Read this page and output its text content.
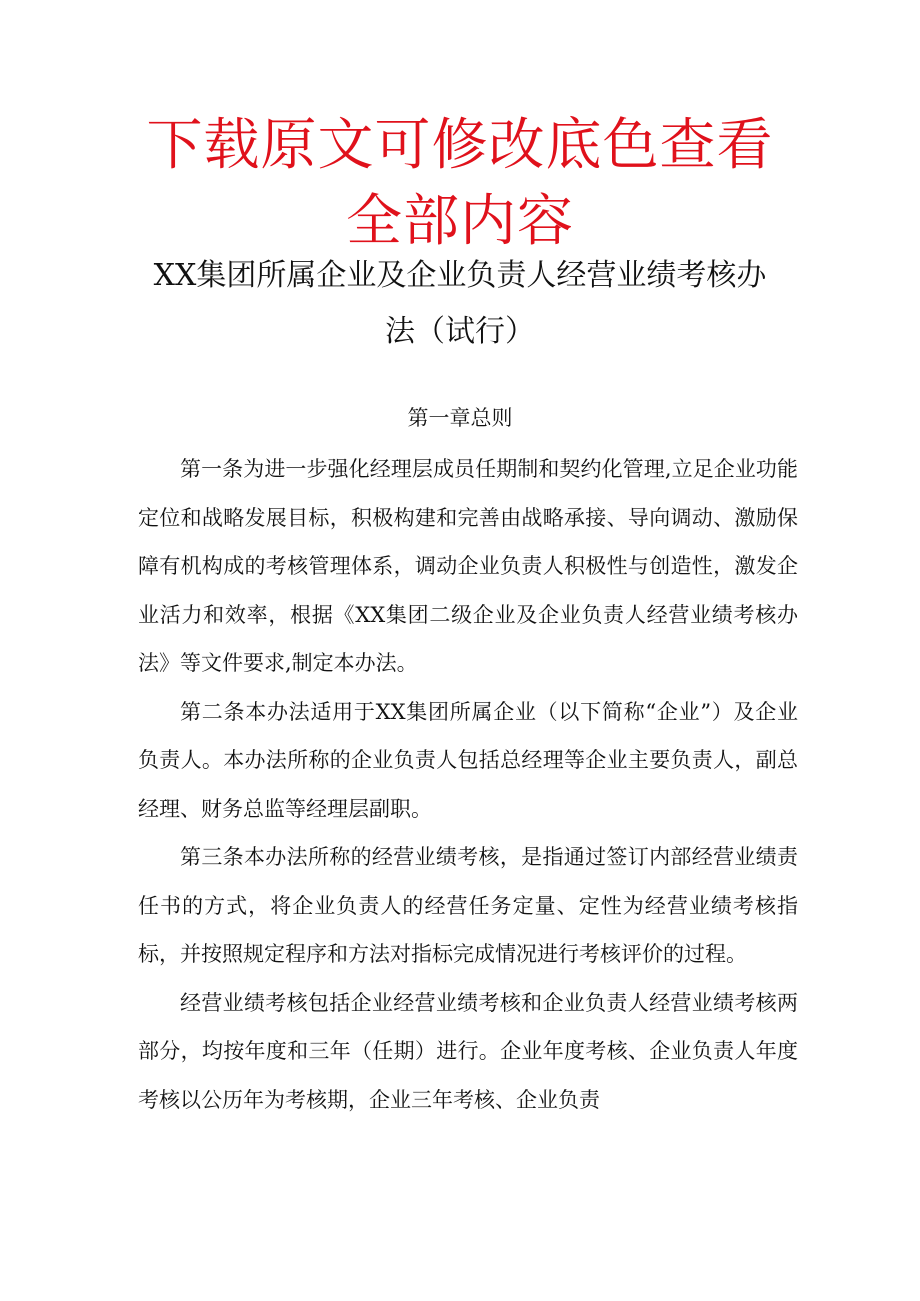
下载原文可修改底色查看
全部内容
XX集团所属企业及企业负责人经营业绩考核办
法（试行）
第一章总则

第一条为进一步强化经理层成员任期制和契约化管理,立足企业功能定位和战略发展目标，积极构建和完善由战略承接、导向调动、激励保障有机构成的考核管理体系，调动企业负责人积极性与创造性，激发企业活力和效率，根据《XX集团二级企业及企业负责人经营业绩考核办法》等文件要求,制定本办法。

第二条本办法适用于XX集团所属企业（以下简称“企业”）及企业负责人。本办法所称的企业负责人包括总经理等企业主要负责人，副总经理、财务总监等经理层副职。

第三条本办法所称的经营业绩考核，是指通过签订内部经营业绩责任书的方式，将企业负责人的经营任务定量、定性为经营业绩考核指标，并按照规定程序和方法对指标完成情况进行考核评价的过程。

经营业绩考核包括企业经营业绩考核和企业负责人经营业绩考核两部分，均按年度和三年（任期）进行。企业年度考核、企业负责人年度考核以公历年为考核期，企业三年考核、企业负责
